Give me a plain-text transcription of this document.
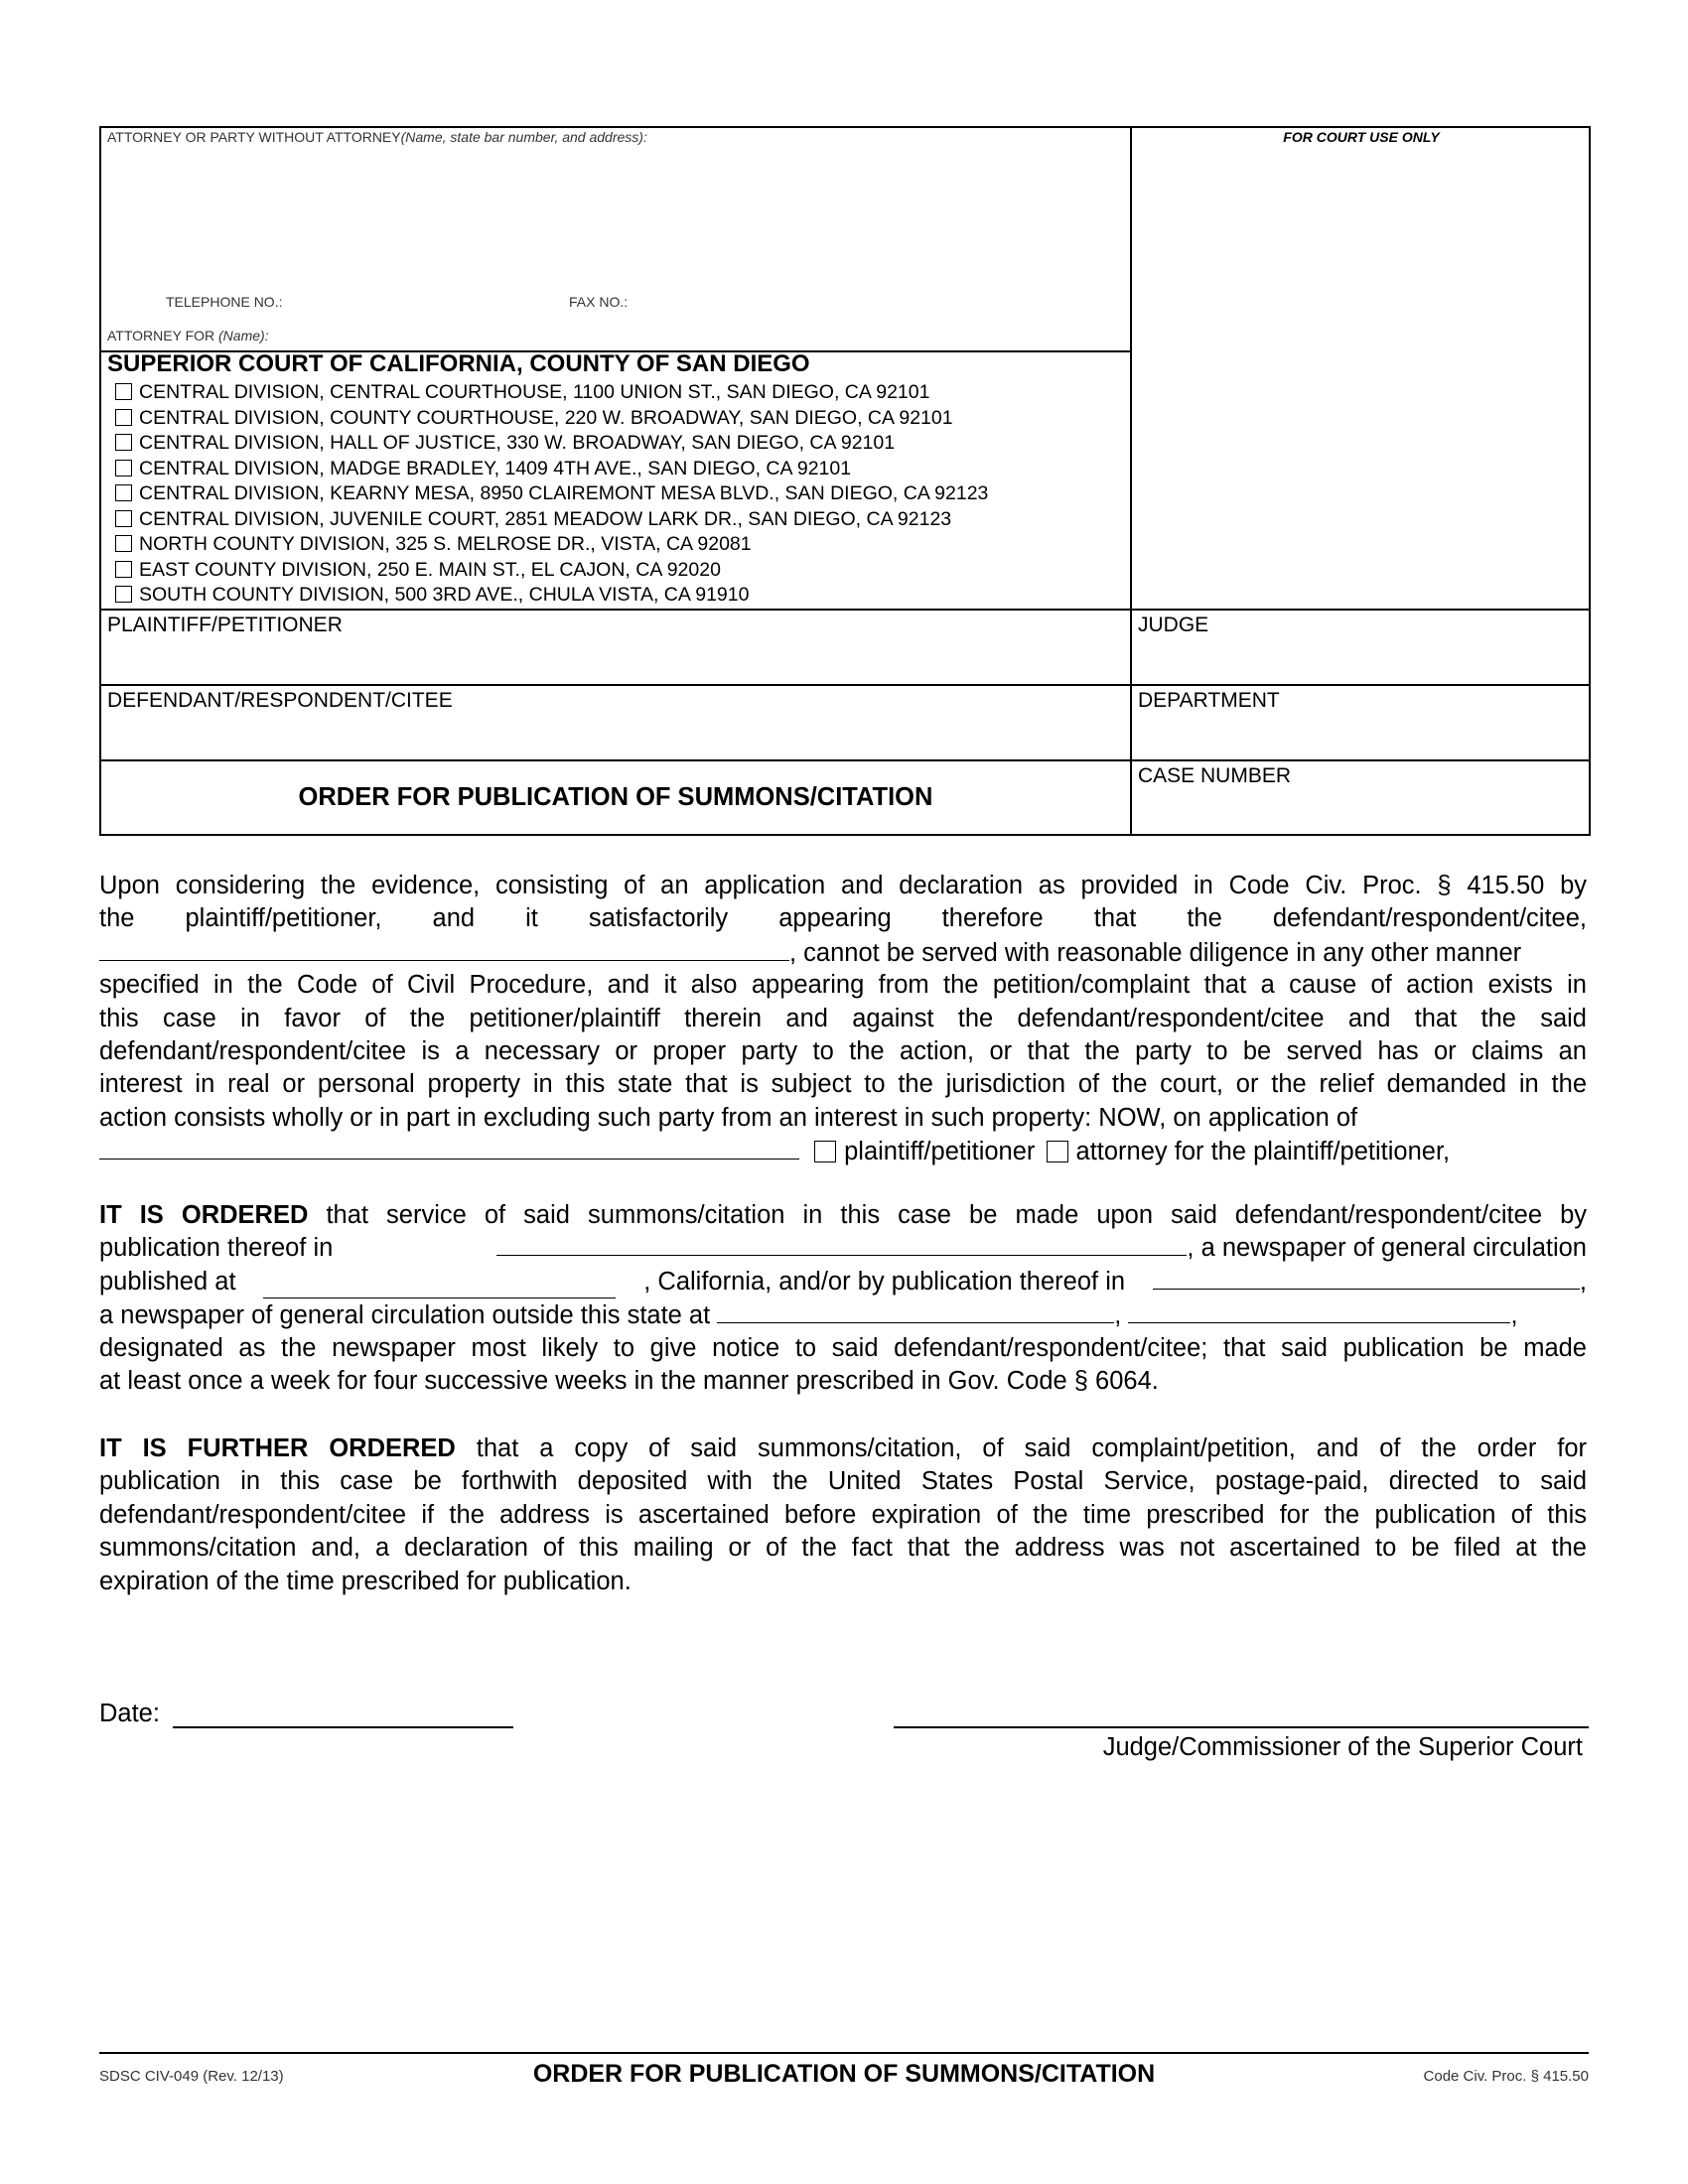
ATTORNEY OR PARTY WITHOUT ATTORNEY(Name, state bar number, and address):
TELEPHONE NO.:	FAX NO.:
ATTORNEY FOR (Name):
FOR COURT USE ONLY
SUPERIOR COURT OF CALIFORNIA, COUNTY OF SAN DIEGO
CENTRAL DIVISION, CENTRAL COURTHOUSE, 1100 UNION ST., SAN DIEGO, CA 92101
CENTRAL DIVISION, COUNTY COURTHOUSE, 220 W. BROADWAY, SAN DIEGO, CA 92101
CENTRAL DIVISION, HALL OF JUSTICE, 330 W. BROADWAY, SAN DIEGO, CA 92101
CENTRAL DIVISION, MADGE BRADLEY, 1409 4TH AVE., SAN DIEGO, CA 92101
CENTRAL DIVISION, KEARNY MESA, 8950 CLAIREMONT MESA BLVD., SAN DIEGO, CA 92123
CENTRAL DIVISION, JUVENILE COURT, 2851 MEADOW LARK DR., SAN DIEGO, CA 92123
NORTH COUNTY DIVISION, 325 S. MELROSE DR., VISTA, CA 92081
EAST COUNTY DIVISION, 250 E. MAIN ST., EL CAJON, CA 92020
SOUTH COUNTY DIVISION, 500 3RD AVE., CHULA VISTA, CA 91910
PLAINTIFF/PETITIONER	JUDGE
DEFENDANT/RESPONDENT/CITEE	DEPARTMENT
CASE NUMBER
ORDER FOR PUBLICATION OF SUMMONS/CITATION
Upon considering the evidence, consisting of an application and declaration as provided in Code Civ. Proc. § 415.50 by
the plaintiff/petitioner, and it satisfactorily appearing therefore that the defendant/respondent/citee,
, cannot be served with reasonable diligence in any other manner
specified in the Code of Civil Procedure, and it also appearing from the petition/complaint that a cause of action exists in
this case in favor of the petitioner/plaintiff therein and against the defendant/respondent/citee and that the said
defendant/respondent/citee is a necessary or proper party to the action, or that the party to be served has or claims an
interest in real or personal property in this state that is subject to the jurisdiction of the court, or the relief demanded in the
action consists wholly or in part in excluding such party from an interest in such property: NOW, on application of
plaintiff/petitioner attorney for the plaintiff/petitioner,
IT IS ORDERED that service of said summons/citation in this case be made upon said defendant/respondent/citee by
publication thereof in	, a newspaper of general circulation
published at	, California, and/or by publication thereof in	,
a newspaper of general circulation outside this state at	,	,
designated as the newspaper most likely to give notice to said defendant/respondent/citee; that said publication be made
at least once a week for four successive weeks in the manner prescribed in Gov. Code § 6064.
IT IS FURTHER ORDERED that a copy of said summons/citation, of said complaint/petition, and of the order for
publication in this case be forthwith deposited with the United States Postal Service, postage-paid, directed to said
defendant/respondent/citee if the address is ascertained before expiration of the time prescribed for the publication of this
summons/citation and, a declaration of this mailing or of the fact that the address was not ascertained to be filed at the
expiration of the time prescribed for publication.
Date:
Judge/Commissioner of the Superior Court
SDSC CIV-049 (Rev. 12/13)	ORDER FOR PUBLICATION OF SUMMONS/CITATION	Code Civ. Proc. § 415.50
